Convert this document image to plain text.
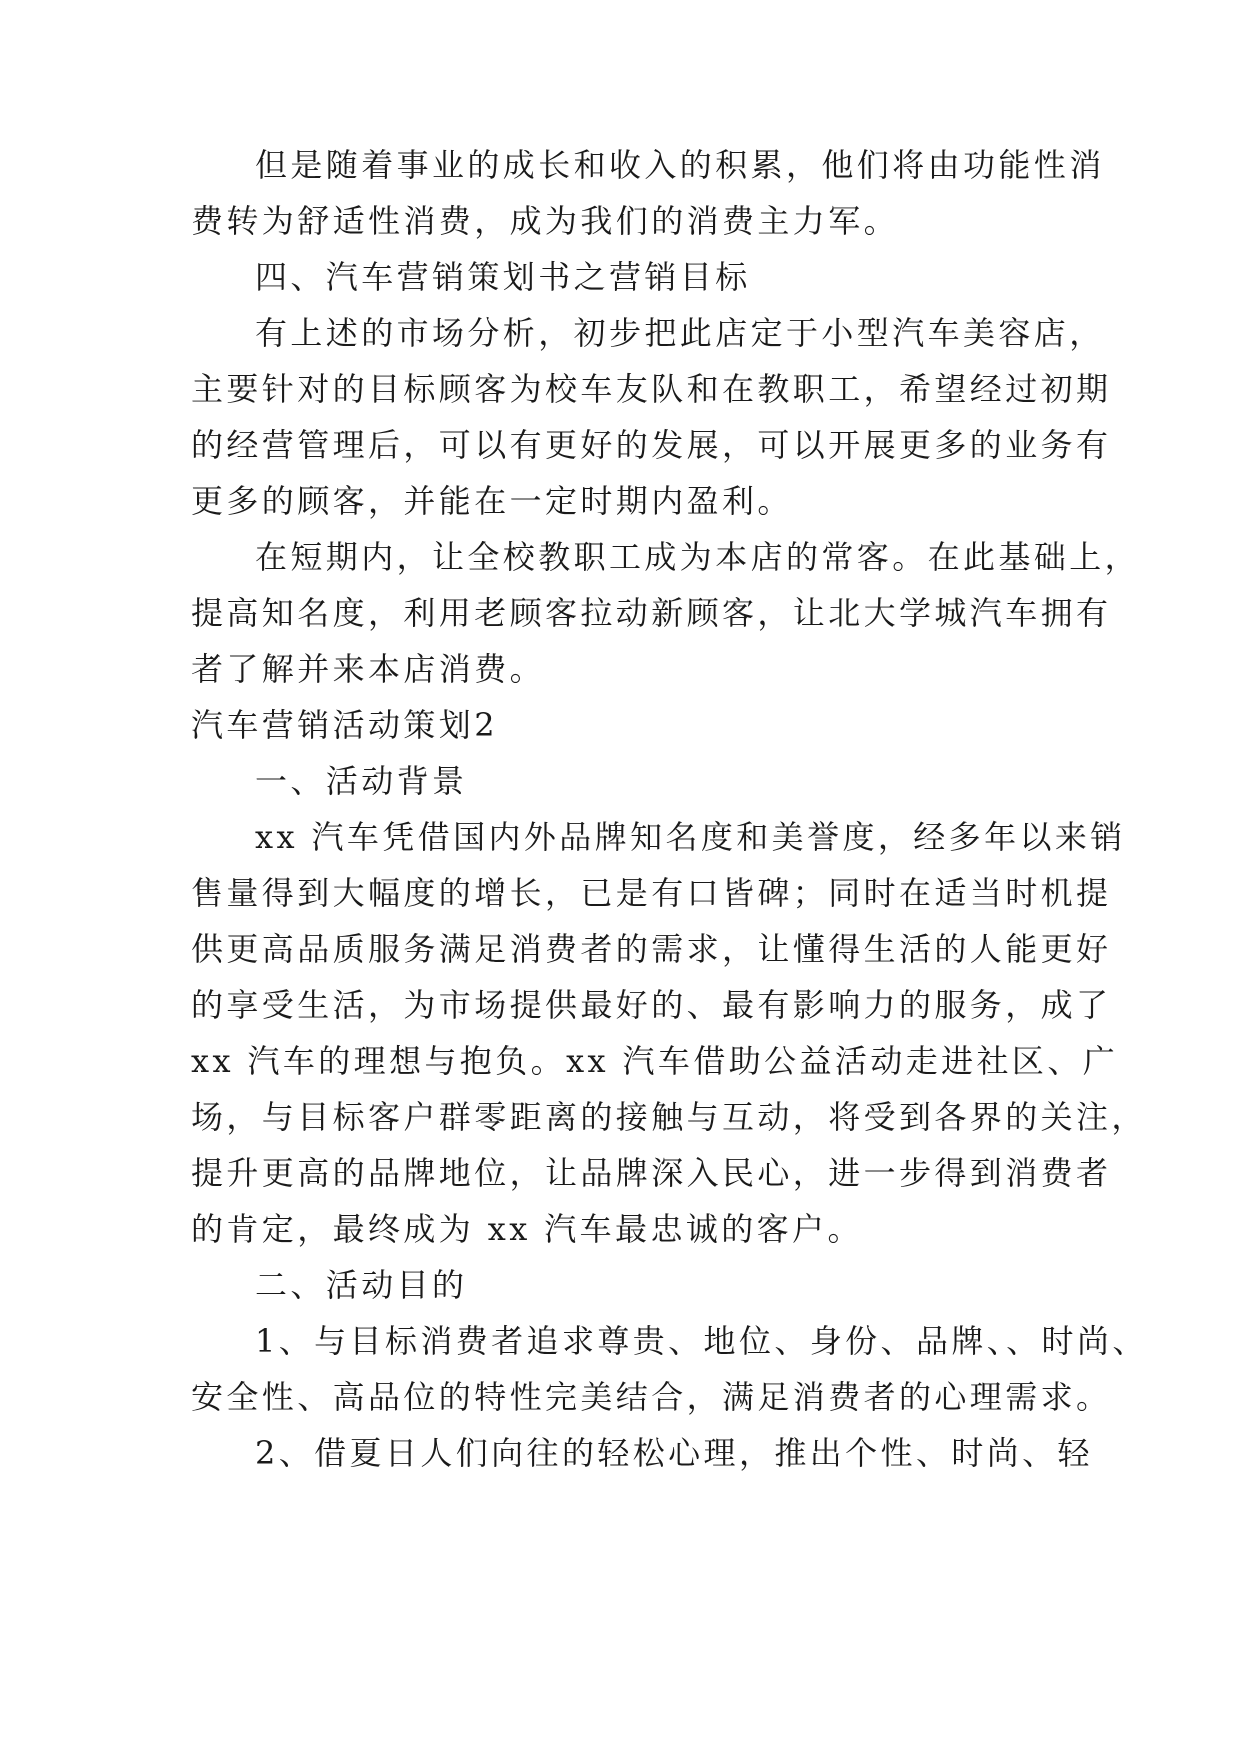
但是随着事业的成长和收入的积累，他们将由功能性消
费转为舒适性消费，成为我们的消费主力军。
四、汽车营销策划书之营销目标
有上述的市场分析，初步把此店定于小型汽车美容店，
主要针对的目标顾客为校车友队和在教职工，希望经过初期
的经营管理后，可以有更好的发展，可以开展更多的业务有
更多的顾客，并能在一定时期内盈利。
在短期内，让全校教职工成为本店的常客。在此基础上，
提高知名度，利用老顾客拉动新顾客，让北大学城汽车拥有
者了解并来本店消费。
汽车营销活动策划2
一、活动背景
xx 汽车凭借国内外品牌知名度和美誉度，经多年以来销
售量得到大幅度的增长，已是有口皆碑；同时在适当时机提
供更高品质服务满足消费者的需求，让懂得生活的人能更好
的享受生活，为市场提供最好的、最有影响力的服务，成了
xx 汽车的理想与抱负。xx 汽车借助公益活动走进社区、广
场，与目标客户群零距离的接触与互动，将受到各界的关注，
提升更高的品牌地位，让品牌深入民心，进一步得到消费者
的肯定，最终成为 xx 汽车最忠诚的客户。
二、活动目的
1、与目标消费者追求尊贵、地位、身份、品牌、、时尚、
安全性、高品位的特性完美结合，满足消费者的心理需求。
2、借夏日人们向往的轻松心理，推出个性、时尚、轻
